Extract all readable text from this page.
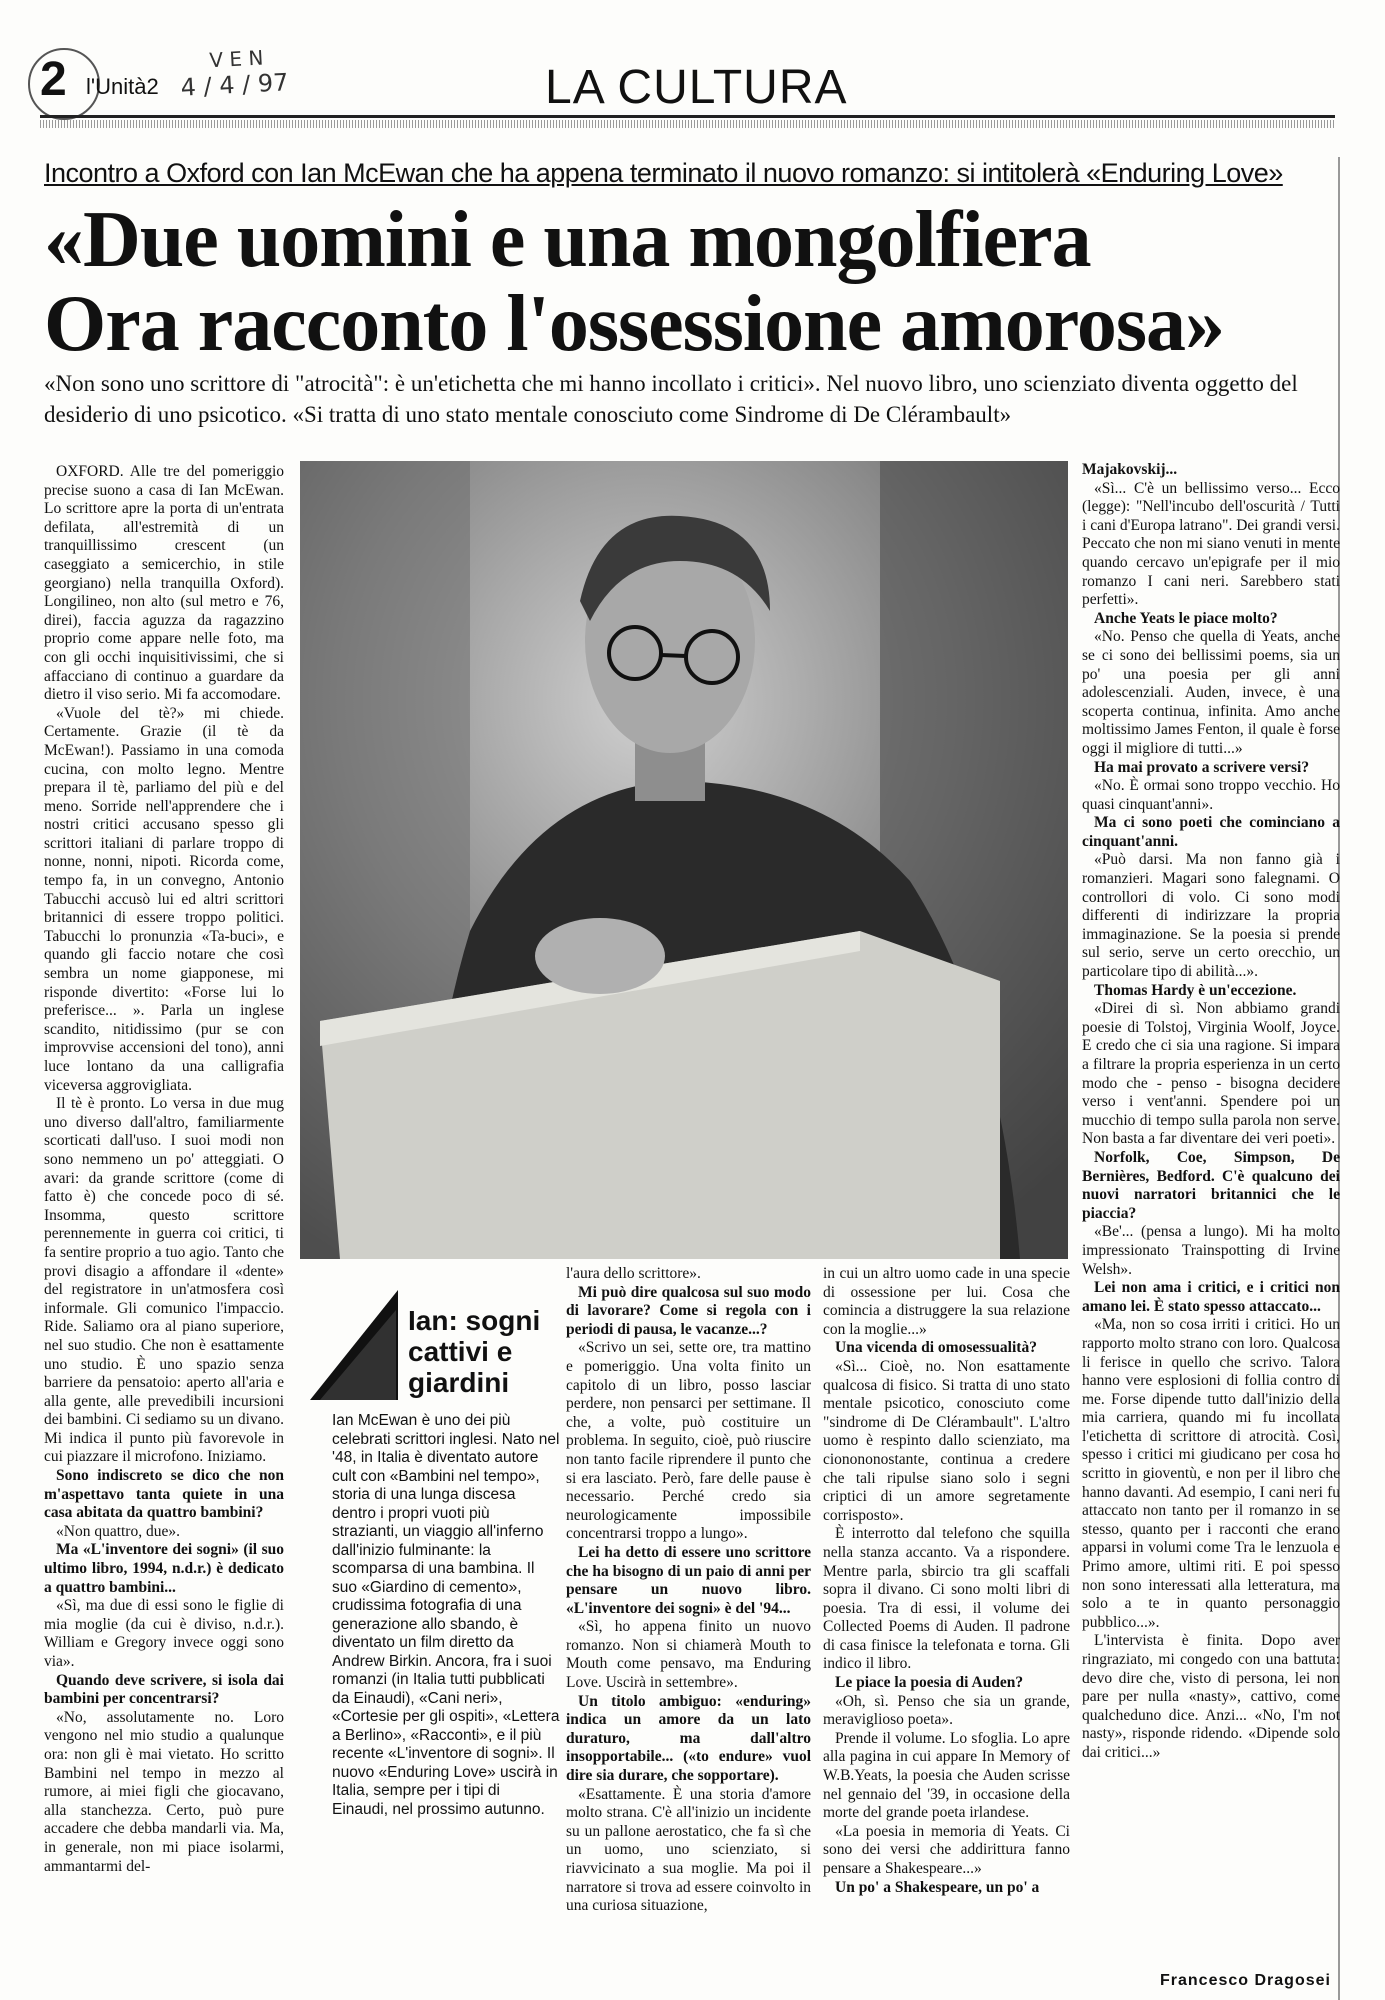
2 l'Unità2
V E N
4 / 4 / 97	LA CULTURA
Incontro a Oxford con Ian McEwan che ha appena terminato il nuovo romanzo: si intitolerà «Enduring Love»
«Due uomini e una mongolfiera
Ora racconto l'ossessione amorosa»
«Non sono uno scrittore di "atrocità": è un'etichetta che mi hanno incollato i critici». Nel nuovo libro, uno scienziato diventa oggetto del desiderio di uno psicotico. «Si tratta di uno stato mentale conosciuto come Sindrome di De Clérambault»

OXFORD. Alle tre del pomeriggio precise suono a casa di Ian McEwan. Lo scrittore apre la porta di un'entrata defilata, all'estremità di un tranquillissimo crescent (un caseggiato a semicerchio, in stile georgiano) nella tranquilla Oxford). Longilineo, non alto (sul metro e 76, direi), faccia aguzza da ragazzino proprio come appare nelle foto, ma con gli occhi inquisitivissimi, che si affacciano di continuo a guardare da dietro il viso serio. Mi fa accomodare.

«Vuole del tè?» mi chiede. Certamente. Grazie (il tè da McEwan!). Passiamo in una comoda cucina, con molto legno. Mentre prepara il tè, parliamo del più e del meno. Sorride nell'apprendere che i nostri critici accusano spesso gli scrittori italiani di parlare troppo di nonne, nonni, nipoti. Ricorda come, tempo fa, in un convegno, Antonio Tabucchi accusò lui ed altri scrittori britannici di essere troppo politici. Tabucchi lo pronunzia «Ta-buci», e quando gli faccio notare che così sembra un nome giapponese, mi risponde divertito: «Forse lui lo preferisce... ». Parla un inglese scandito, nitidissimo (pur se con improvvise accensioni del tono), anni luce lontano da una calligrafia viceversa aggrovigliata.

Il tè è pronto. Lo versa in due mug uno diverso dall'altro, familiarmente scorticati dall'uso. I suoi modi non sono nemmeno un po' atteggiati. O avari: da grande scrittore (come di fatto è) che concede poco di sé. Insomma, questo scrittore perennemente in guerra coi critici, ti fa sentire proprio a tuo agio. Tanto che provi disagio a affondare il «dente» del registratore in un'atmosfera così informale. Gli comunico l'impaccio. Ride. Saliamo ora al piano superiore, nel suo studio. Che non è esattamente uno studio. È uno spazio senza barriere da pensatoio: aperto all'aria e alla gente, alle prevedibili incursioni dei bambini. Ci sediamo su un divano. Mi indica il punto più favorevole in cui piazzare il microfono. Iniziamo.

Sono indiscreto se dico che non m'aspettavo tanta quiete in una casa abitata da quattro bambini?

«Non quattro, due».

Ma «L'inventore dei sogni» (il suo ultimo libro, 1994, n.d.r.) è dedicato a quattro bambini...

«Sì, ma due di essi sono le figlie di mia moglie (da cui è diviso, n.d.r.). William e Gregory invece oggi sono via».

Quando deve scrivere, si isola dai bambini per concentrarsi?

«No, assolutamente no. Loro vengono nel mio studio a qualunque ora: non gli è mai vietato. Ho scritto Bambini nel tempo in mezzo al rumore, ai miei figli che giocavano, alla stanchezza. Certo, può pure accadere che debba mandarli via. Ma, in generale, non mi piace isolarmi, ammantarmi del-

Ian: sogni cattivi e giardini
Ian McEwan è uno dei più celebrati scrittori inglesi. Nato nel '48, in Italia è diventato autore cult con «Bambini nel tempo», storia di una lunga discesa dentro i propri vuoti più strazianti, un viaggio all'inferno dall'inizio fulminante: la scomparsa di una bambina. Il suo «Giardino di cemento», crudissima fotografia di una generazione allo sbando, è diventato un film diretto da Andrew Birkin. Ancora, fra i suoi romanzi (in Italia tutti pubblicati da Einaudi), «Cani neri», «Cortesie per gli ospiti», «Lettera a Berlino», «Racconti», e il più recente «L'inventore di sogni». Il nuovo «Enduring Love» uscirà in Italia, sempre per i tipi di Einaudi, nel prossimo autunno.

l'aura dello scrittore».

Mi può dire qualcosa sul suo modo di lavorare? Come si regola con i periodi di pausa, le vacanze...?

«Scrivo un sei, sette ore, tra mattino e pomeriggio. Una volta finito un capitolo di un libro, posso lasciar perdere, non pensarci per settimane. Il che, a volte, può costituire un problema. In seguito, cioè, può riuscire non tanto facile riprendere il punto che si era lasciato. Però, fare delle pause è necessario. Perché credo sia neurologicamente impossibile concentrarsi troppo a lungo».

Lei ha detto di essere uno scrittore che ha bisogno di un paio di anni per pensare un nuovo libro. «L'inventore dei sogni» è del '94...

«Sì, ho appena finito un nuovo romanzo. Non si chiamerà Mouth to Mouth come pensavo, ma Enduring Love. Uscirà in settembre».

Un titolo ambiguo: «enduring» indica un amore da un lato duraturo, ma dall'altro insopportabile... («to endure» vuol dire sia durare, che sopportare).

«Esattamente. È una storia d'amore molto strana. C'è all'inizio un incidente su un pallone aerostatico, che fa sì che un uomo, uno scienziato, si riavvicinato a sua moglie. Ma poi il narratore si trova ad essere coinvolto in una curiosa situazione,

in cui un altro uomo cade in una specie di ossessione per lui. Cosa che comincia a distruggere la sua relazione con la moglie...»

Una vicenda di omosessualità?

«Sì... Cioè, no. Non esattamente qualcosa di fisico. Si tratta di uno stato mentale psicotico, conosciuto come "sindrome di De Clérambault". L'altro uomo è respinto dallo scienziato, ma cionononostante, continua a credere che tali ripulse siano solo i segni criptici di un amore segretamente corrisposto».

È interrotto dal telefono che squilla nella stanza accanto. Va a rispondere. Mentre parla, sbircio tra gli scaffali sopra il divano. Ci sono molti libri di poesia. Tra di essi, il volume dei Collected Poems di Auden. Il padrone di casa finisce la telefonata e torna. Gli indico il libro.

Le piace la poesia di Auden?

«Oh, sì. Penso che sia un grande, meraviglioso poeta».

Prende il volume. Lo sfoglia. Lo apre alla pagina in cui appare In Memory of W.B.Yeats, la poesia che Auden scrisse nel gennaio del '39, in occasione della morte del grande poeta irlandese.

«La poesia in memoria di Yeats. Ci sono dei versi che addirittura fanno pensare a Shakespeare...»

Un po' a Shakespeare, un po' a

Majakovskij...

«Sì... C'è un bellissimo verso... Ecco (legge): "Nell'incubo dell'oscurità / Tutti i cani d'Europa latrano". Dei grandi versi. Peccato che non mi siano venuti in mente quando cercavo un'epigrafe per il mio romanzo I cani neri. Sarebbero stati perfetti».

Anche Yeats le piace molto?

«No. Penso che quella di Yeats, anche se ci sono dei bellissimi poems, sia un po' una poesia per gli anni adolescenziali. Auden, invece, è una scoperta continua, infinita. Amo anche moltissimo James Fenton, il quale è forse oggi il migliore di tutti...»

Ha mai provato a scrivere versi?

«No. È ormai sono troppo vecchio. Ho quasi cinquant'anni».

Ma ci sono poeti che cominciano a cinquant'anni.

«Può darsi. Ma non fanno già i romanzieri. Magari sono falegnami. O controllori di volo. Ci sono modi differenti di indirizzare la propria immaginazione. Se la poesia si prende sul serio, serve un certo orecchio, un particolare tipo di abilità...».

Thomas Hardy è un'eccezione.

«Direi di sì. Non abbiamo grandi poesie di Tolstoj, Virginia Woolf, Joyce. E credo che ci sia una ragione. Si impara a filtrare la propria esperienza in un certo modo che - penso - bisogna decidere verso i vent'anni. Spendere poi un mucchio di tempo sulla parola non serve. Non basta a far diventare dei veri poeti».

Norfolk, Coe, Simpson, De Bernières, Bedford. C'è qualcuno dei nuovi narratori britannici che le piaccia?

«Be'... (pensa a lungo). Mi ha molto impressionato Trainspotting di Irvine Welsh».

Lei non ama i critici, e i critici non amano lei. È stato spesso attaccato...

«Ma, non so cosa irriti i critici. Ho un rapporto molto strano con loro. Qualcosa li ferisce in quello che scrivo. Talora hanno vere esplosioni di follia contro di me. Forse dipende tutto dall'inizio della mia carriera, quando mi fu incollata l'etichetta di scrittore di atrocità. Così, spesso i critici mi giudicano per cosa ho scritto in gioventù, e non per il libro che hanno davanti. Ad esempio, I cani neri fu attaccato non tanto per il romanzo in se stesso, quanto per i racconti che erano apparsi in volumi come Tra le lenzuola e Primo amore, ultimi riti. E poi spesso non sono interessati alla letteratura, ma solo a te in quanto personaggio pubblico...».

L'intervista è finita. Dopo aver ringraziato, mi congedo con una battuta: devo dire che, visto di persona, lei non pare per nulla «nasty», cattivo, come qualcheduno dice. Anzi... «No, I'm not nasty», risponde ridendo. «Dipende solo dai critici...»

Francesco Dragosei
